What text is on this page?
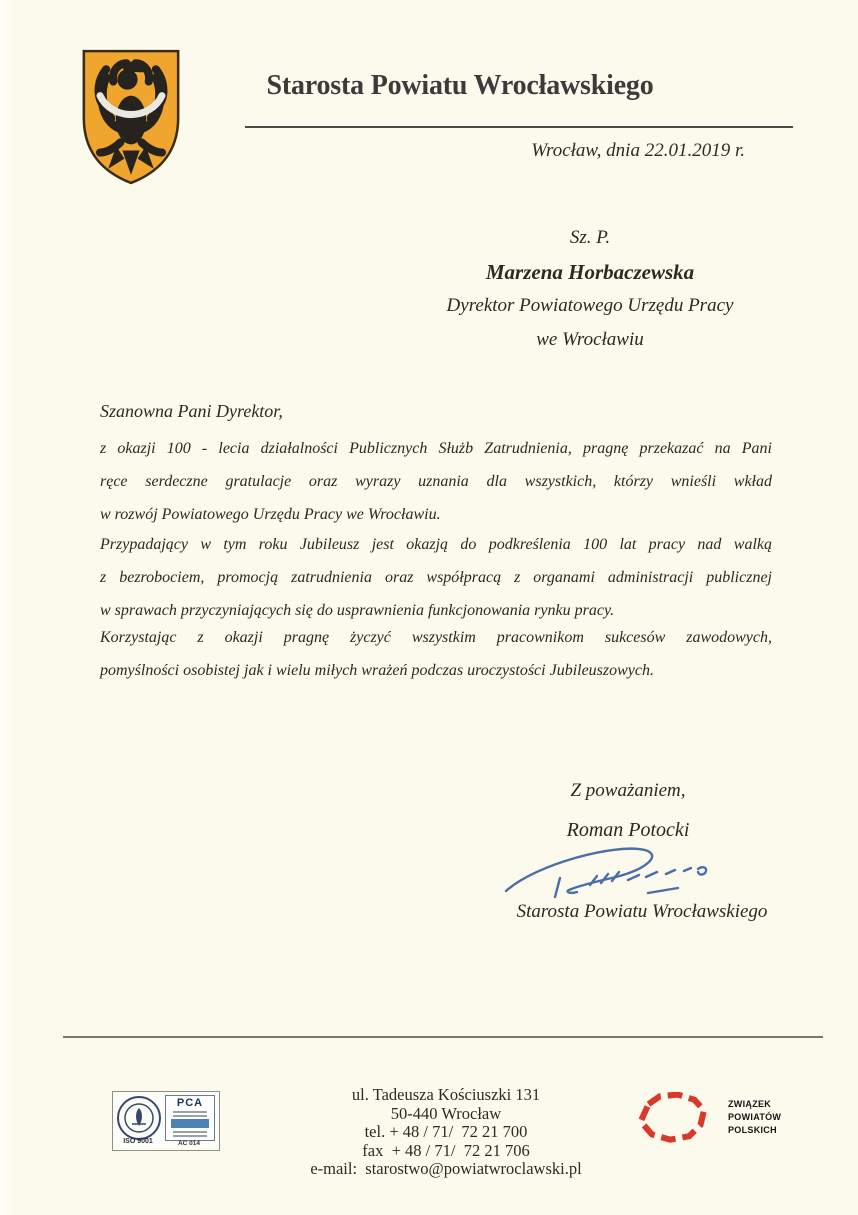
Starosta Powiatu Wrocławskiego
Wrocław, dnia 22.01.2019 r.
Sz. P.
Marzena Horbaczewska
Dyrektor Powiatowego Urzędu Pracy
we Wrocławiu
Szanowna Pani Dyrektor,
z okazji 100 - lecia działalności Publicznych Służb Zatrudnienia, pragnę przekazać na Pani
ręce serdeczne gratulacje oraz wyrazy uznania dla wszystkich, którzy wnieśli wkład
w rozwój Powiatowego Urzędu Pracy we Wrocławiu.
Przypadający w tym roku Jubileusz jest okazją do podkreślenia 100 lat pracy nad walką
z bezrobociem, promocją zatrudnienia oraz współpracą z organami administracji publicznej
w sprawach przyczyniających się do usprawnienia funkcjonowania rynku pracy.
Korzystając z okazji pragnę życzyć wszystkim pracownikom sukcesów zawodowych,
pomyślności osobistej jak i wielu miłych wrażeń podczas uroczystości Jubileuszowych.
Z poważaniem,
Roman Potocki
Starosta Powiatu Wrocławskiego
ISO 9001
PCA
AC 014
ul. Tadeusza Kościuszki 131
50-440 Wrocław
tel. + 48 / 71/  72 21 700
fax  + 48 / 71/  72 21 706
e-mail:  starostwo@powiatwroclawski.pl
ZWIĄZEK
POWIATÓW
POLSKICH
